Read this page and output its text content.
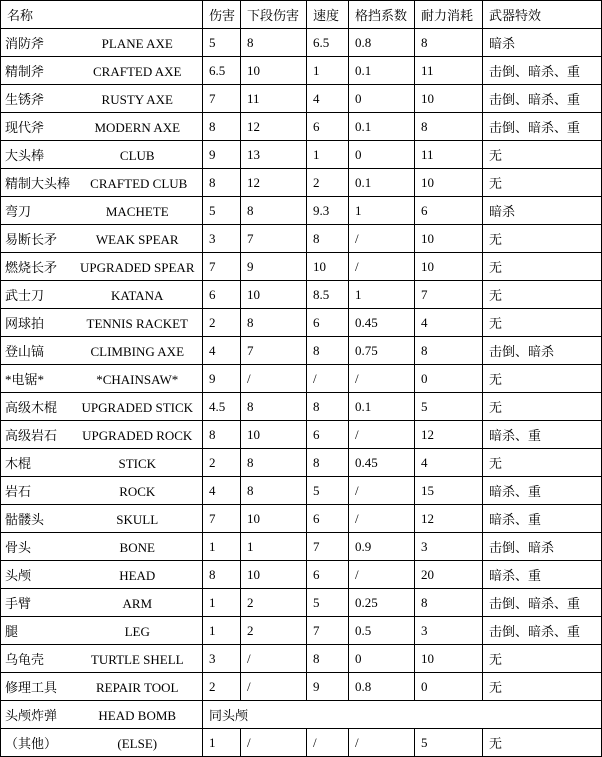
名称	伤害	下段伤害	速度	格挡系数	耐力消耗	武器特效
消防斧 PLANE AXE	5	8	6.5	0.8	8	暗杀
精制斧 CRAFTED AXE	6.5	10	1	0.1	11	击倒、暗杀、重
生锈斧 RUSTY AXE	7	11	4	0	10	击倒、暗杀、重
现代斧 MODERN AXE	8	12	6	0.1	8	击倒、暗杀、重
大头棒 CLUB	9	13	1	0	11	无
精制大头棒 CRAFTED CLUB	8	12	2	0.1	10	无
弯刀 MACHETE	5	8	9.3	1	6	暗杀
易断长矛 WEAK SPEAR	3	7	8	/	10	无
燃烧长矛 UPGRADED SPEAR	7	9	10	/	10	无
武士刀 KATANA	6	10	8.5	1	7	无
网球拍 TENNIS RACKET	2	8	6	0.45	4	无
登山镐 CLIMBING AXE	4	7	8	0.75	8	击倒、暗杀
*电锯* *CHAINSAW*	9	/	/	/	0	无
高级木棍 UPGRADED STICK	4.5	8	8	0.1	5	无
高级岩石 UPGRADED ROCK	8	10	6	/	12	暗杀、重
木棍 STICK	2	8	8	0.45	4	无
岩石 ROCK	4	8	5	/	15	暗杀、重
骷髅头 SKULL	7	10	6	/	12	暗杀、重
骨头 BONE	1	1	7	0.9	3	击倒、暗杀
头颅 HEAD	8	10	6	/	20	暗杀、重
手臂 ARM	1	2	5	0.25	8	击倒、暗杀、重
腿 LEG	1	2	7	0.5	3	击倒、暗杀、重
乌龟壳 TURTLE SHELL	3	/	8	0	10	无
修理工具 REPAIR TOOL	2	/	9	0.8	0	无
头颅炸弹 HEAD BOMB	同头颅					
（其他） (ELSE)	1	/	/	/	5	无
